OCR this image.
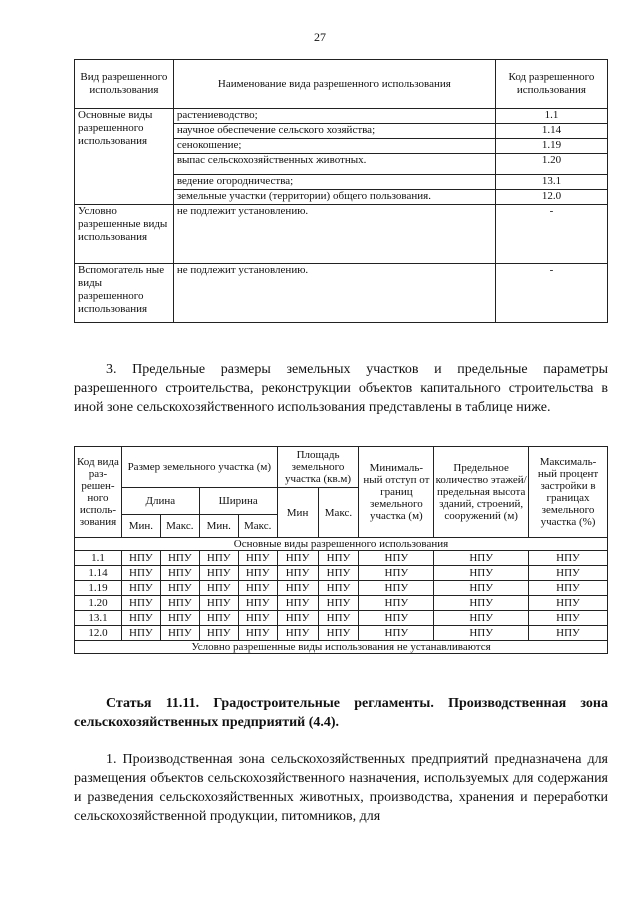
27
Вид разрешенного использования	Наименование вида разрешенного использования	Код разрешенного использования
Основные виды разрешенного использования	растениеводство;	1.1
	научное обеспечение сельского хозяйства;	1.14
	сенокошение;	1.19
	выпас сельскохозяйственных животных.	1.20
	ведение огородничества;	13.1
	земельные участки (территории) общего пользования.	12.0
Условно разрешенные виды использования	не подлежит установлению.	-
Вспомогатель ные виды разрешенного использования	не подлежит установлению.	-
3. Предельные размеры земельных участков и предельные параметры разрешенного строительства, реконструкции объектов капитального строительства в иной зоне сельскохозяйственного использования представлены в таблице ниже.
Код вида раз- решен- ного исполь- зования	Размер земельного участка (м)				Площадь земельного участка (кв.м)		Минималь- ный отступ от границ земельного участка (м)	Предельное количество этажей/ предельная высота зданий, строений, сооружений (м)	Максималь- ный процент застройки в границах земельного участка (%)
	Длина		Ширина		Мин	Макс.			
	Мин.	Макс.	Мин.	Макс.					
Основные виды разрешенного использования									
1.1	НПУ	НПУ	НПУ	НПУ	НПУ	НПУ	НПУ	НПУ	НПУ
1.14	НПУ	НПУ	НПУ	НПУ	НПУ	НПУ	НПУ	НПУ	НПУ
1.19	НПУ	НПУ	НПУ	НПУ	НПУ	НПУ	НПУ	НПУ	НПУ
1.20	НПУ	НПУ	НПУ	НПУ	НПУ	НПУ	НПУ	НПУ	НПУ
13.1	НПУ	НПУ	НПУ	НПУ	НПУ	НПУ	НПУ	НПУ	НПУ
12.0	НПУ	НПУ	НПУ	НПУ	НПУ	НПУ	НПУ	НПУ	НПУ
Условно разрешенные виды использования не устанавливаются									
Статья 11.11. Градостроительные регламенты. Производственная зона сельскохозяйственных предприятий (4.4).
1. Производственная зона сельскохозяйственных предприятий предназначена для размещения объектов сельскохозяйственного назначения, используемых для содержания и разведения сельскохозяйственных животных, производства, хранения и переработки сельскохозяйственной продукции, питомников, для
